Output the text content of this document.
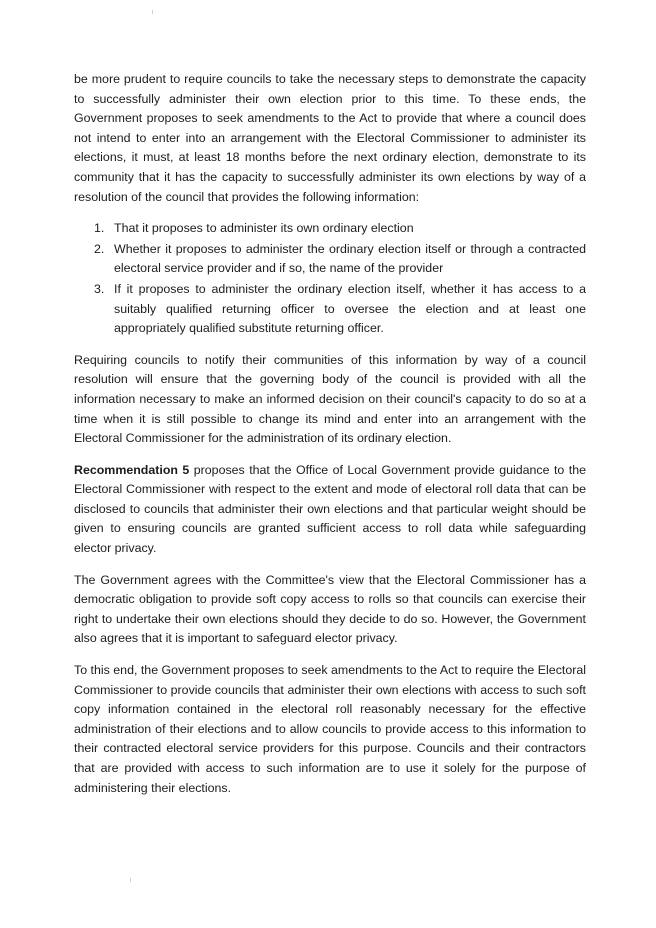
be more prudent to require councils to take the necessary steps to demonstrate the capacity to successfully administer their own election prior to this time. To these ends, the Government proposes to seek amendments to the Act to provide that where a council does not intend to enter into an arrangement with the Electoral Commissioner to administer its elections, it must, at least 18 months before the next ordinary election, demonstrate to its community that it has the capacity to successfully administer its own elections by way of a resolution of the council that provides the following information:

1. That it proposes to administer its own ordinary election
2. Whether it proposes to administer the ordinary election itself or through a contracted electoral service provider and if so, the name of the provider
3. If it proposes to administer the ordinary election itself, whether it has access to a suitably qualified returning officer to oversee the election and at least one appropriately qualified substitute returning officer.

Requiring councils to notify their communities of this information by way of a council resolution will ensure that the governing body of the council is provided with all the information necessary to make an informed decision on their council's capacity to do so at a time when it is still possible to change its mind and enter into an arrangement with the Electoral Commissioner for the administration of its ordinary election.

Recommendation 5 proposes that the Office of Local Government provide guidance to the Electoral Commissioner with respect to the extent and mode of electoral roll data that can be disclosed to councils that administer their own elections and that particular weight should be given to ensuring councils are granted sufficient access to roll data while safeguarding elector privacy.

The Government agrees with the Committee's view that the Electoral Commissioner has a democratic obligation to provide soft copy access to rolls so that councils can exercise their right to undertake their own elections should they decide to do so. However, the Government also agrees that it is important to safeguard elector privacy.

To this end, the Government proposes to seek amendments to the Act to require the Electoral Commissioner to provide councils that administer their own elections with access to such soft copy information contained in the electoral roll reasonably necessary for the effective administration of their elections and to allow councils to provide access to this information to their contracted electoral service providers for this purpose. Councils and their contractors that are provided with access to such information are to use it solely for the purpose of administering their elections.
